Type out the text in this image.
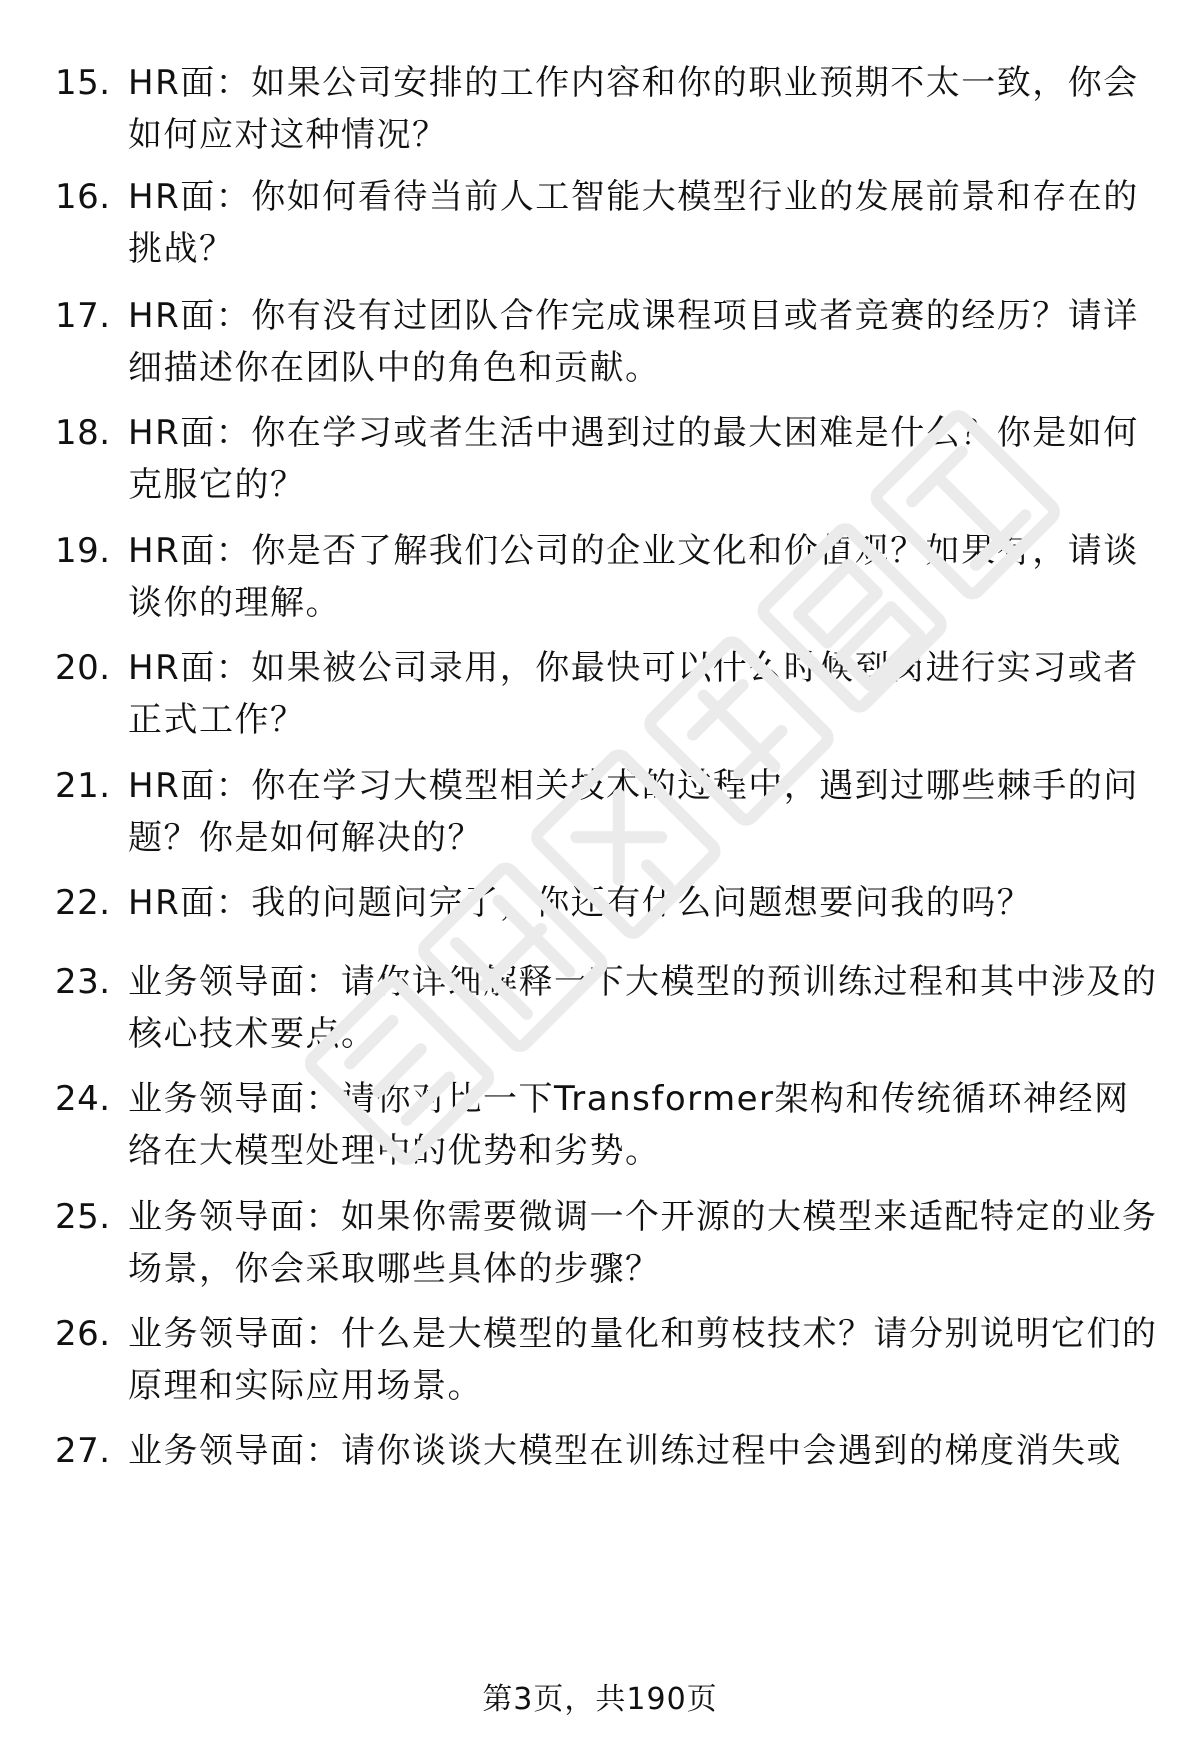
15. HR面：如果公司安排的工作内容和你的职业预期不太一致，你会如何应对这种情况？
16. HR面：你如何看待当前人工智能大模型行业的发展前景和存在的挑战？
17. HR面：你有没有过团队合作完成课程项目或者竞赛的经历？请详细描述你在团队中的角色和贡献。
18. HR面：你在学习或者生活中遇到过的最大困难是什么？你是如何克服它的？
19. HR面：你是否了解我们公司的企业文化和价值观？如果有，请谈谈你的理解。
20. HR面：如果被公司录用，你最快可以什么时候到岗进行实习或者正式工作？
21. HR面：你在学习大模型相关技术的过程中，遇到过哪些棘手的问题？你是如何解决的？
22. HR面：我的问题问完了，你还有什么问题想要问我的吗？
23. 业务领导面：请你详细解释一下大模型的预训练过程和其中涉及的核心技术要点。
24. 业务领导面：请你对比一下Transformer架构和传统循环神经网络在大模型处理中的优势和劣势。
25. 业务领导面：如果你需要微调一个开源的大模型来适配特定的业务场景，你会采取哪些具体的步骤？
26. 业务领导面：什么是大模型的量化和剪枝技术？请分别说明它们的原理和实际应用场景。
27. 业务领导面：请你谈谈大模型在训练过程中会遇到的梯度消失或
第3页，共190页
